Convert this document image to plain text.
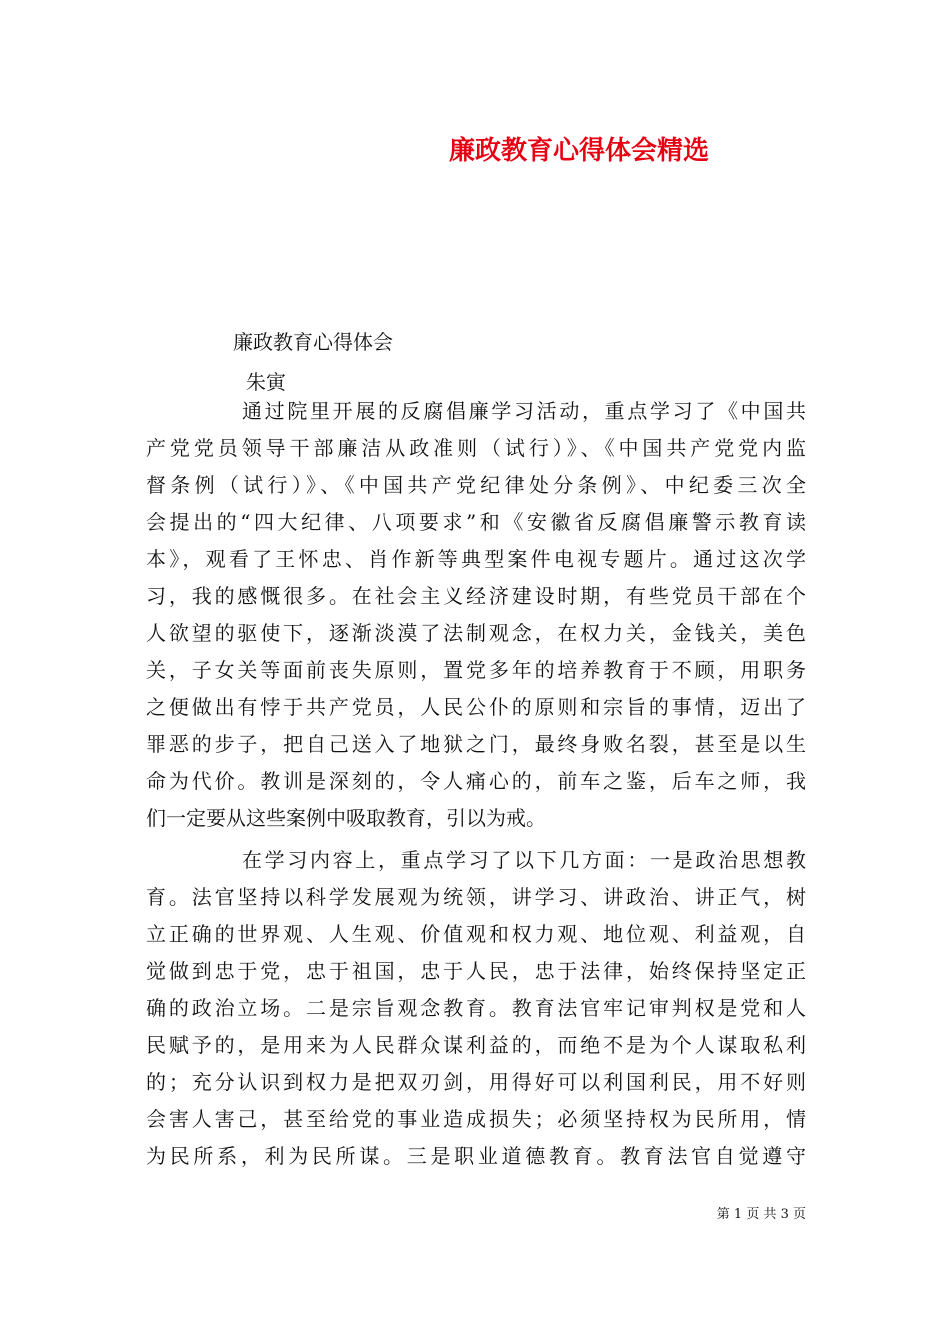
廉政教育心得体会精选
廉政教育心得体会
朱寅
通过院里开展的反腐倡廉学习活动，重点学习了《中国共
产党党员领导干部廉洁从政准则（试行）》、《中国共产党党内监
督条例（试行）》、《中国共产党纪律处分条例》、中纪委三次全
会提出的“四大纪律、八项要求”和《安徽省反腐倡廉警示教育读
本》，观看了王怀忠、肖作新等典型案件电视专题片。通过这次学
习，我的感慨很多。在社会主义经济建设时期，有些党员干部在个
人欲望的驱使下，逐渐淡漠了法制观念，在权力关，金钱关，美色
关，子女关等面前丧失原则，置党多年的培养教育于不顾，用职务
之便做出有悖于共产党员，人民公仆的原则和宗旨的事情，迈出了
罪恶的步子，把自己送入了地狱之门，最终身败名裂，甚至是以生
命为代价。教训是深刻的，令人痛心的，前车之鉴，后车之师，我
们一定要从这些案例中吸取教育，引以为戒。
在学习内容上，重点学习了以下几方面：一是政治思想教
育。法官坚持以科学发展观为统领，讲学习、讲政治、讲正气，树
立正确的世界观、人生观、价值观和权力观、地位观、利益观，自
觉做到忠于党，忠于祖国，忠于人民，忠于法律，始终保持坚定正
确的政治立场。二是宗旨观念教育。教育法官牢记审判权是党和人
民赋予的，是用来为人民群众谋利益的，而绝不是为个人谋取私利
的；充分认识到权力是把双刃剑，用得好可以利国利民，用不好则
会害人害己，甚至给党的事业造成损失；必须坚持权为民所用，情
为民所系，利为民所谋。三是职业道德教育。教育法官自觉遵守
第 1 页 共 3 页
